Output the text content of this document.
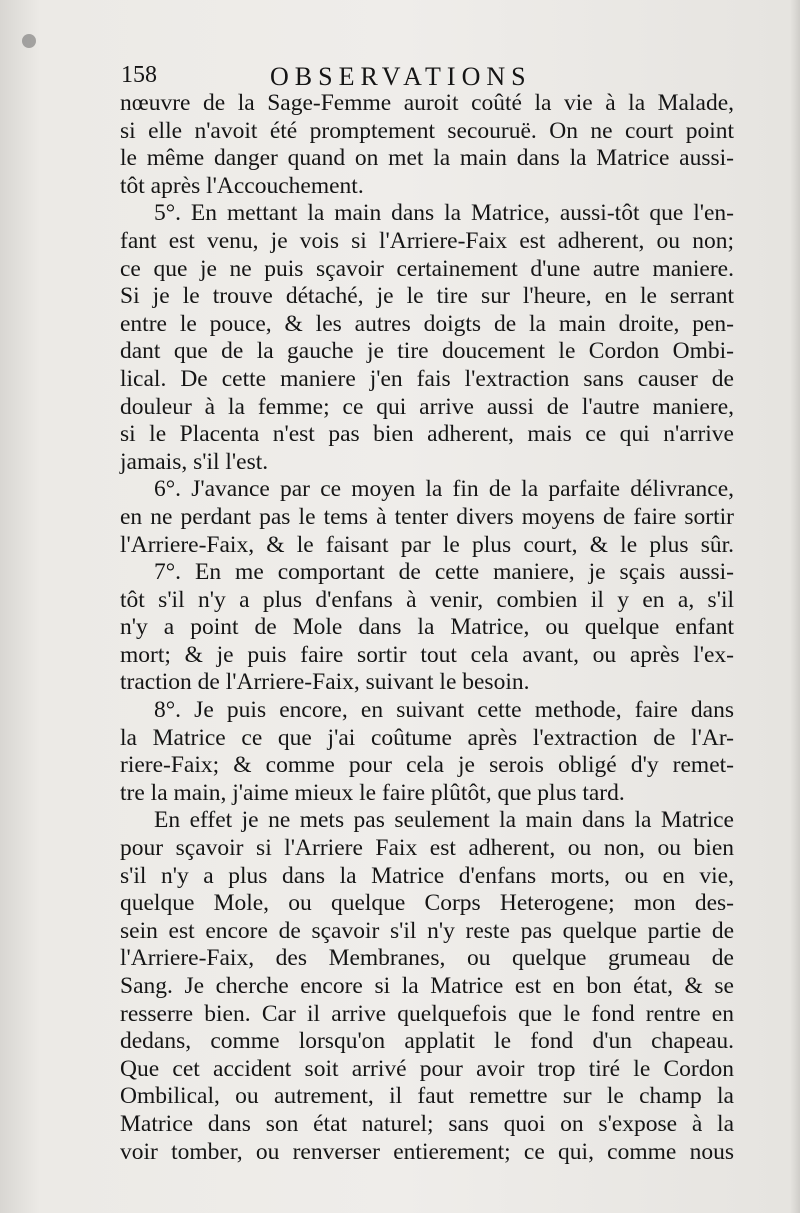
158	OBSERVATIONS
nœuvre de la Sage-Femme auroit coûté la vie à la Malade,
si elle n'avoit été promptement secouruë. On ne court point
le même danger quand on met la main dans la Matrice aussi-
tôt après l'Accouchement.
5°. En mettant la main dans la Matrice, aussi-tôt que l'en-
fant est venu, je vois si l'Arriere-Faix est adherent, ou non;
ce que je ne puis sçavoir certainement d'une autre maniere.
Si je le trouve détaché, je le tire sur l'heure, en le serrant
entre le pouce, & les autres doigts de la main droite, pen-
dant que de la gauche je tire doucement le Cordon Ombi-
lical. De cette maniere j'en fais l'extraction sans causer de
douleur à la femme; ce qui arrive aussi de l'autre maniere,
si le Placenta n'est pas bien adherent, mais ce qui n'arrive
jamais, s'il l'est.
6°. J'avance par ce moyen la fin de la parfaite délivrance,
en ne perdant pas le tems à tenter divers moyens de faire sortir
l'Arriere-Faix, & le faisant par le plus court, & le plus sûr.
7°. En me comportant de cette maniere, je sçais aussi-
tôt s'il n'y a plus d'enfans à venir, combien il y en a, s'il
n'y a point de Mole dans la Matrice, ou quelque enfant
mort; & je puis faire sortir tout cela avant, ou après l'ex-
traction de l'Arriere-Faix, suivant le besoin.
8°. Je puis encore, en suivant cette methode, faire dans
la Matrice ce que j'ai coûtume après l'extraction de l'Ar-
riere-Faix; & comme pour cela je serois obligé d'y remet-
tre la main, j'aime mieux le faire plûtôt, que plus tard.
En effet je ne mets pas seulement la main dans la Matrice
pour sçavoir si l'Arriere Faix est adherent, ou non, ou bien
s'il n'y a plus dans la Matrice d'enfans morts, ou en vie,
quelque Mole, ou quelque Corps Heterogene; mon des-
sein est encore de sçavoir s'il n'y reste pas quelque partie de
l'Arriere-Faix, des Membranes, ou quelque grumeau de
Sang. Je cherche encore si la Matrice est en bon état, & se
resserre bien. Car il arrive quelquefois que le fond rentre en
dedans, comme lorsqu'on applatit le fond d'un chapeau.
Que cet accident soit arrivé pour avoir trop tiré le Cordon
Ombilical, ou autrement, il faut remettre sur le champ la
Matrice dans son état naturel; sans quoi on s'expose à la
voir tomber, ou renverser entierement; ce qui, comme nous
